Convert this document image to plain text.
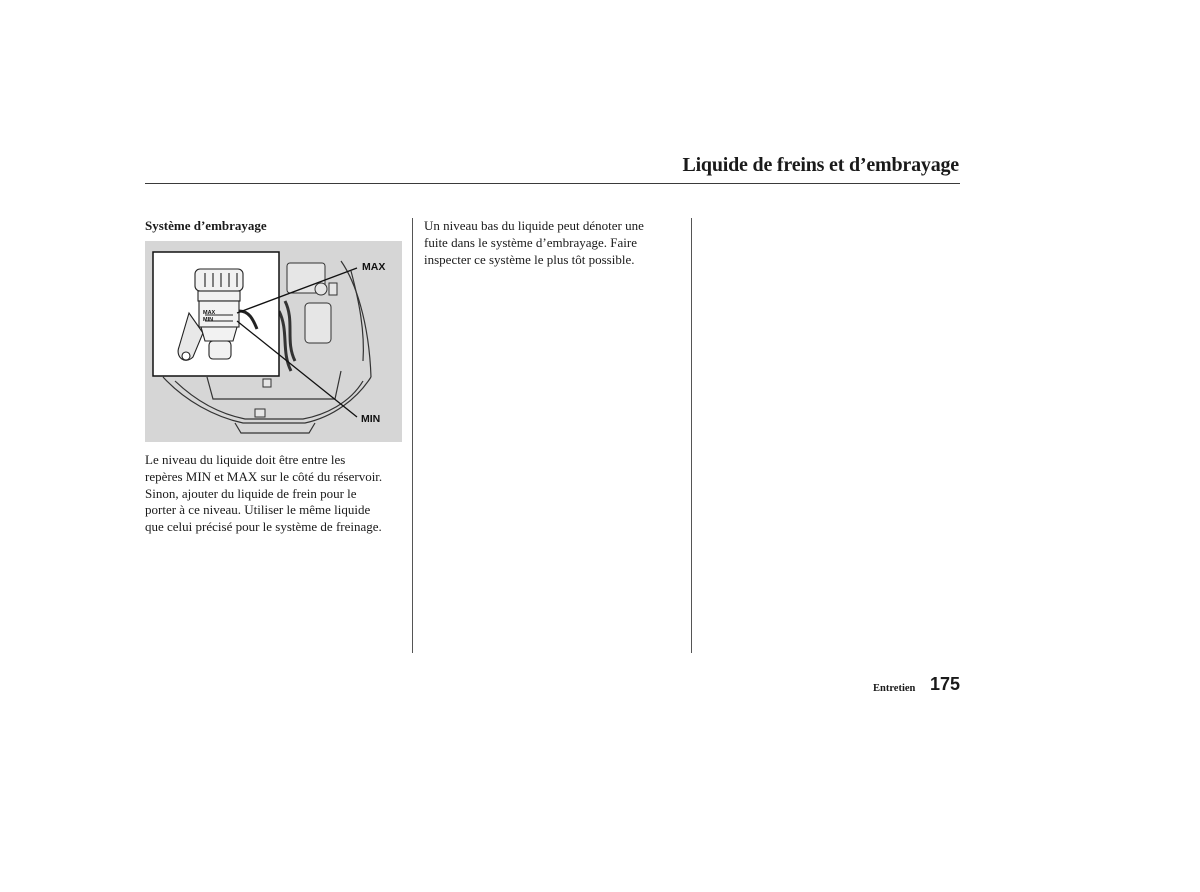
Liquide de freins et d’embrayage
Système d’embrayage
MAX
MIN
MAX
MIN
Le niveau du liquide doit être entre les
repères MIN et MAX sur le côté du réservoir.
Sinon, ajouter du liquide de frein pour le
porter à ce niveau. Utiliser le même liquide
que celui précisé pour le système de freinage.
Un niveau bas du liquide peut dénoter une
fuite dans le système d’embrayage. Faire
inspecter ce système le plus tôt possible.
Entretien 175
